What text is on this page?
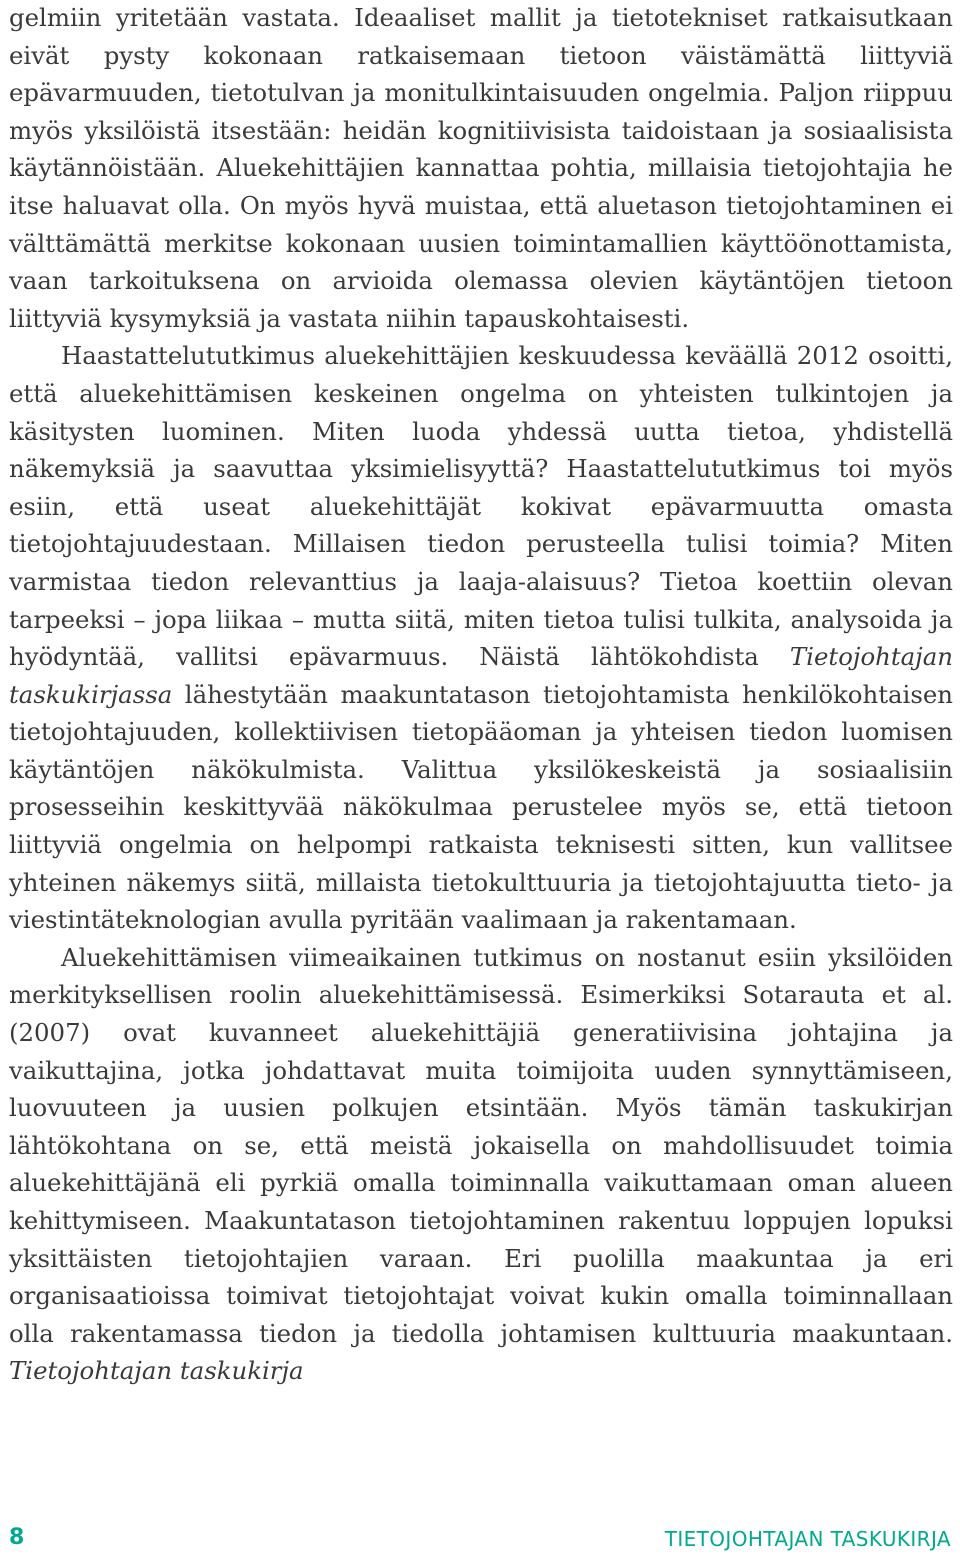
gelmiin yritetään vastata. Ideaaliset mallit ja tietotekniset ratkaisutkaan eivät pysty kokonaan ratkaisemaan tietoon väistämättä liittyviä epävarmuuden, tietotulvan ja monitulkintaisuuden ongelmia. Paljon riippuu myös yksilöistä itsestään: heidän kognitiivisista taidoistaan ja sosiaalisista käytännöistään. Aluekehittäjien kannattaa pohtia, millaisia tietojohtajia he itse haluavat olla. On myös hyvä muistaa, että aluetason tietojohtaminen ei välttämättä merkitse kokonaan uusien toimintamallien käyttöönottamista, vaan tarkoituksena on arvioida olemassa olevien käytäntöjen tietoon liittyviä kysymyksiä ja vastata niihin tapauskohtaisesti.

Haastattelututkimus aluekehittäjien keskuudessa keväällä 2012 osoitti, että aluekehittämisen keskeinen ongelma on yhteisten tulkintojen ja käsitysten luominen. Miten luoda yhdessä uutta tietoa, yhdistellä näkemyksiä ja saavuttaa yksimielisyyttä? Haastattelututkimus toi myös esiin, että useat aluekehittäjät kokivat epävarmuutta omasta tietojohtajuudestaan. Millaisen tiedon perusteella tulisi toimia? Miten varmistaa tiedon relevanttius ja laaja-alaisuus? Tietoa koettiin olevan tarpeeksi – jopa liikaa – mutta siitä, miten tietoa tulisi tulkita, analysoida ja hyödyntää, vallitsi epävarmuus. Näistä lähtökohdista Tietojohtajan taskukirjassa lähestytään maakuntatason tietojohtamista henkilökohtaisen tietojohtajuuden, kollektiivisen tietopääoman ja yhteisen tiedon luomisen käytäntöjen näkökulmista. Valittua yksilökeskeistä ja sosiaalisiin prosesseihin keskittyvää näkökulmaa perustelee myös se, että tietoon liittyviä ongelmia on helpompi ratkaista teknisesti sitten, kun vallitsee yhteinen näkemys siitä, millaista tietokulttuuria ja tietojohtajuutta tieto- ja viestintäteknologian avulla pyritään vaalimaan ja rakentamaan.

Aluekehittämisen viimeaikainen tutkimus on nostanut esiin yksilöiden merkityksellisen roolin aluekehittämisessä. Esimerkiksi Sotarauta et al. (2007) ovat kuvanneet aluekehittäjiä generatiivisina johtajina ja vaikuttajina, jotka johdattavat muita toimijoita uuden synnyttämiseen, luovuuteen ja uusien polkujen etsintään. Myös tämän taskukirjan lähtökohtana on se, että meistä jokaisella on mahdollisuudet toimia aluekehittäjänä eli pyrkiä omalla toiminnalla vaikuttamaan oman alueen kehittymiseen. Maakuntatason tietojohtaminen rakentuu loppujen lopuksi yksittäisten tietojohtajien varaan. Eri puolilla maakuntaa ja eri organisaatioissa toimivat tietojohtajat voivat kukin omalla toiminnallaan olla rakentamassa tiedon ja tiedolla johtamisen kulttuuria maakuntaan. Tietojohtajan taskukirja

8	TIETOJOHTAJAN TASKUKIRJA
